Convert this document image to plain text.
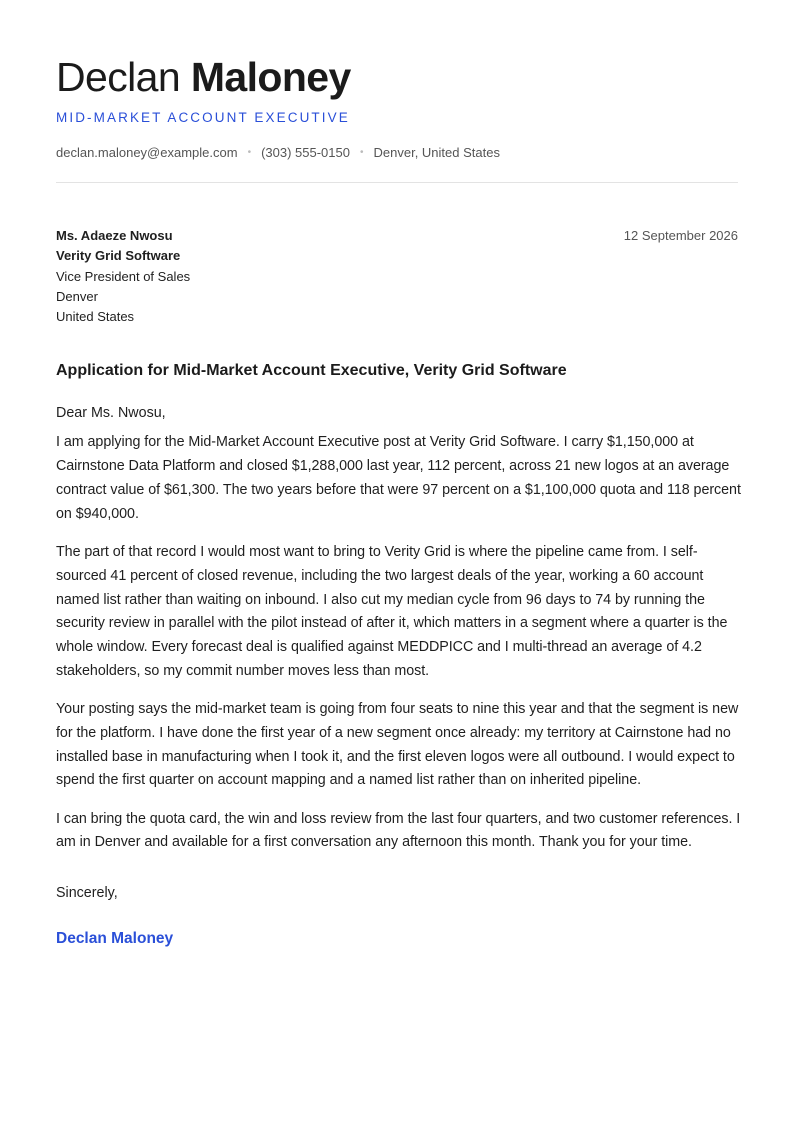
Declan Maloney
MID-MARKET ACCOUNT EXECUTIVE
declan.maloney@example.com • (303) 555-0150 • Denver, United States
Ms. Adaeze Nwosu
Verity Grid Software
Vice President of Sales
Denver
United States
12 September 2026
Application for Mid-Market Account Executive, Verity Grid Software
Dear Ms. Nwosu,

I am applying for the Mid-Market Account Executive post at Verity Grid Software. I carry $1,150,000 at Cairnstone Data Platform and closed $1,288,000 last year, 112 percent, across 21 new logos at an average contract value of $61,300. The two years before that were 97 percent on a $1,100,000 quota and 118 percent on $940,000.

The part of that record I would most want to bring to Verity Grid is where the pipeline came from. I self-sourced 41 percent of closed revenue, including the two largest deals of the year, working a 60 account named list rather than waiting on inbound. I also cut my median cycle from 96 days to 74 by running the security review in parallel with the pilot instead of after it, which matters in a segment where a quarter is the whole window. Every forecast deal is qualified against MEDDPICC and I multi-thread an average of 4.2 stakeholders, so my commit number moves less than most.

Your posting says the mid-market team is going from four seats to nine this year and that the segment is new for the platform. I have done the first year of a new segment once already: my territory at Cairnstone had no installed base in manufacturing when I took it, and the first eleven logos were all outbound. I would expect to spend the first quarter on account mapping and a named list rather than on inherited pipeline.

I can bring the quota card, the win and loss review from the last four quarters, and two customer references. I am in Denver and available for a first conversation any afternoon this month. Thank you for your time.

Sincerely,
Declan Maloney
